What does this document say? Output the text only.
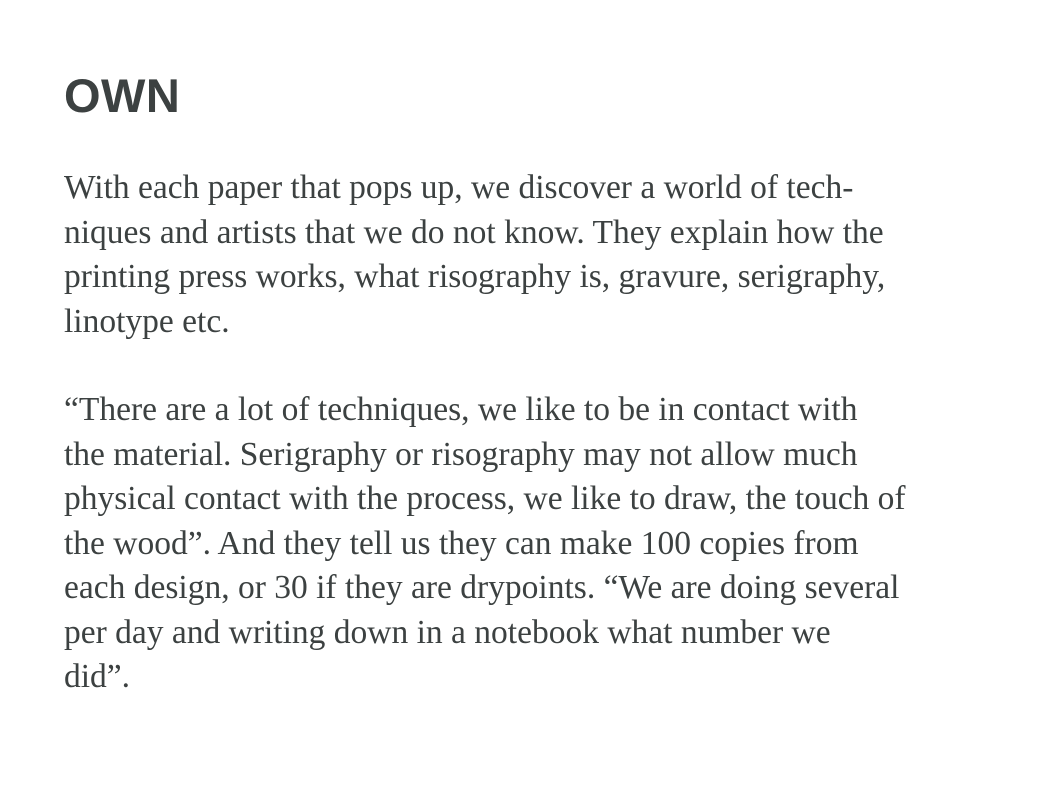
OWN

With each paper that pops up, we discover a world of tech-
niques and artists that we do not know. They explain how the
printing press works, what risography is, gravure, serigraphy,
linotype etc.

“There are a lot of techniques, we like to be in contact with
the material. Serigraphy or risography may not allow much
physical contact with the process, we like to draw, the touch of
the wood”. And they tell us they can make 100 copies from
each design, or 30 if they are drypoints. “We are doing several
per day and writing down in a notebook what number we
did”.
